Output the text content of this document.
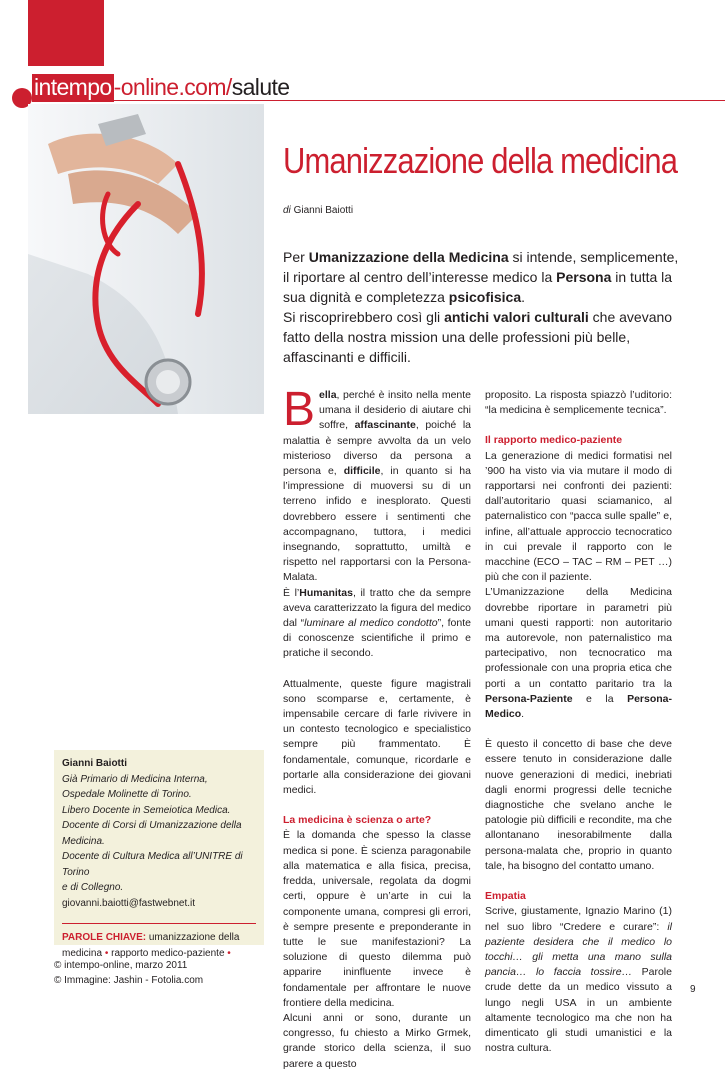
intempo-online.com/salute
Umanizzazione della medicina
di Gianni Baiotti
Per Umanizzazione della Medicina si intende, semplicemente, il riportare al centro dell’interesse medico la Persona in tutta la sua dignità e completezza psicofisica.
Si riscoprirebbero così gli antichi valori culturali che avevano fatto della nostra mission una delle professioni più belle, affascinanti e difficili.

Bella, perché è insito nella mente umana il desiderio di aiutare chi soffre, affascinante, poiché la malattia è sempre avvolta da un velo misterioso diverso da persona a persona e, difficile, in quanto si ha l’impressione di muoversi su di un terreno infido e inesplorato. Questi dovrebbero essere i sentimenti che accompagnano, tuttora, i medici insegnando, soprattutto, umiltà e rispetto nel rapportarsi con la Persona-Malata.

È l’Humanitas, il tratto che da sempre aveva caratterizzato la figura del medico dal “luminare al medico condotto”, fonte di conoscenze scientifiche il primo e pratiche il secondo.

Attualmente, queste figure magistrali sono scomparse e, certamente, è impensabile cercare di farle rivivere in un contesto tecnologico e specialistico sempre più frammentato. È fondamentale, comunque, ricordarle e portarle alla considerazione dei giovani medici.

La medicina è scienza o arte?

È la domanda che spesso la classe medica si pone. È scienza paragonabile alla matematica e alla fisica, precisa, fredda, universale, regolata da dogmi certi, oppure è un’arte in cui la componente umana, compresi gli errori, è sempre presente e preponderante in tutte le sue manifestazioni? La soluzione di questo dilemma può apparire ininfluente invece è fondamentale per affrontare le nuove frontiere della medicina.

Alcuni anni or sono, durante un congresso, fu chiesto a Mirko Grmek, grande storico della scienza, il suo parere a questo

proposito. La risposta spiazzò l’uditorio: “la medicina è semplicemente tecnica”.

Il rapporto medico-paziente

La generazione di medici formatisi nel ’900 ha visto via via mutare il modo di rapportarsi nei confronti dei pazienti: dall’autoritario quasi sciamanico, al paternalistico con “pacca sulle spalle” e, infine, all’attuale approccio tecnocratico in cui prevale il rapporto con le macchine (ECO – TAC – RM – PET …) più che con il paziente.

L’Umanizzazione della Medicina dovrebbe riportare in parametri più umani questi rapporti: non autoritario ma autorevole, non paternalistico ma partecipativo, non tecnocratico ma professionale con una propria etica che porti a un contatto paritario tra la Persona-Paziente e la Persona-Medico.

È questo il concetto di base che deve essere tenuto in considerazione dalle nuove generazioni di medici, inebriati dagli enormi progressi delle tecniche diagnostiche che svelano anche le patologie più difficili e recondite, ma che allontanano inesorabilmente dalla persona-malata che, proprio in quanto tale, ha bisogno del contatto umano.

Empatia

Scrive, giustamente, Ignazio Marino (1) nel suo libro “Credere e curare”: il paziente desidera che il medico lo tocchi… gli metta una mano sulla pancia… lo faccia tossire… Parole crude dette da un medico vissuto a lungo negli USA in un ambiente altamente tecnologico ma che non ha dimenticato gli studi umanistici e la nostra cultura.

Gianni Baiotti
Già Primario di Medicina Interna,
Ospedale Molinette di Torino.
Libero Docente in Semeiotica Medica.
Docente di Corsi di Umanizzazione della Medicina.
Docente di Cultura Medica all’UNITRE di Torino
e di Collegno.
giovanni.baiotti@fastwebnet.it
PAROLE CHIAVE: umanizzazione della medicina • rapporto medico-paziente •
© intempo-online, marzo 2011
© Immagine: Jashin - Fotolia.com
9
